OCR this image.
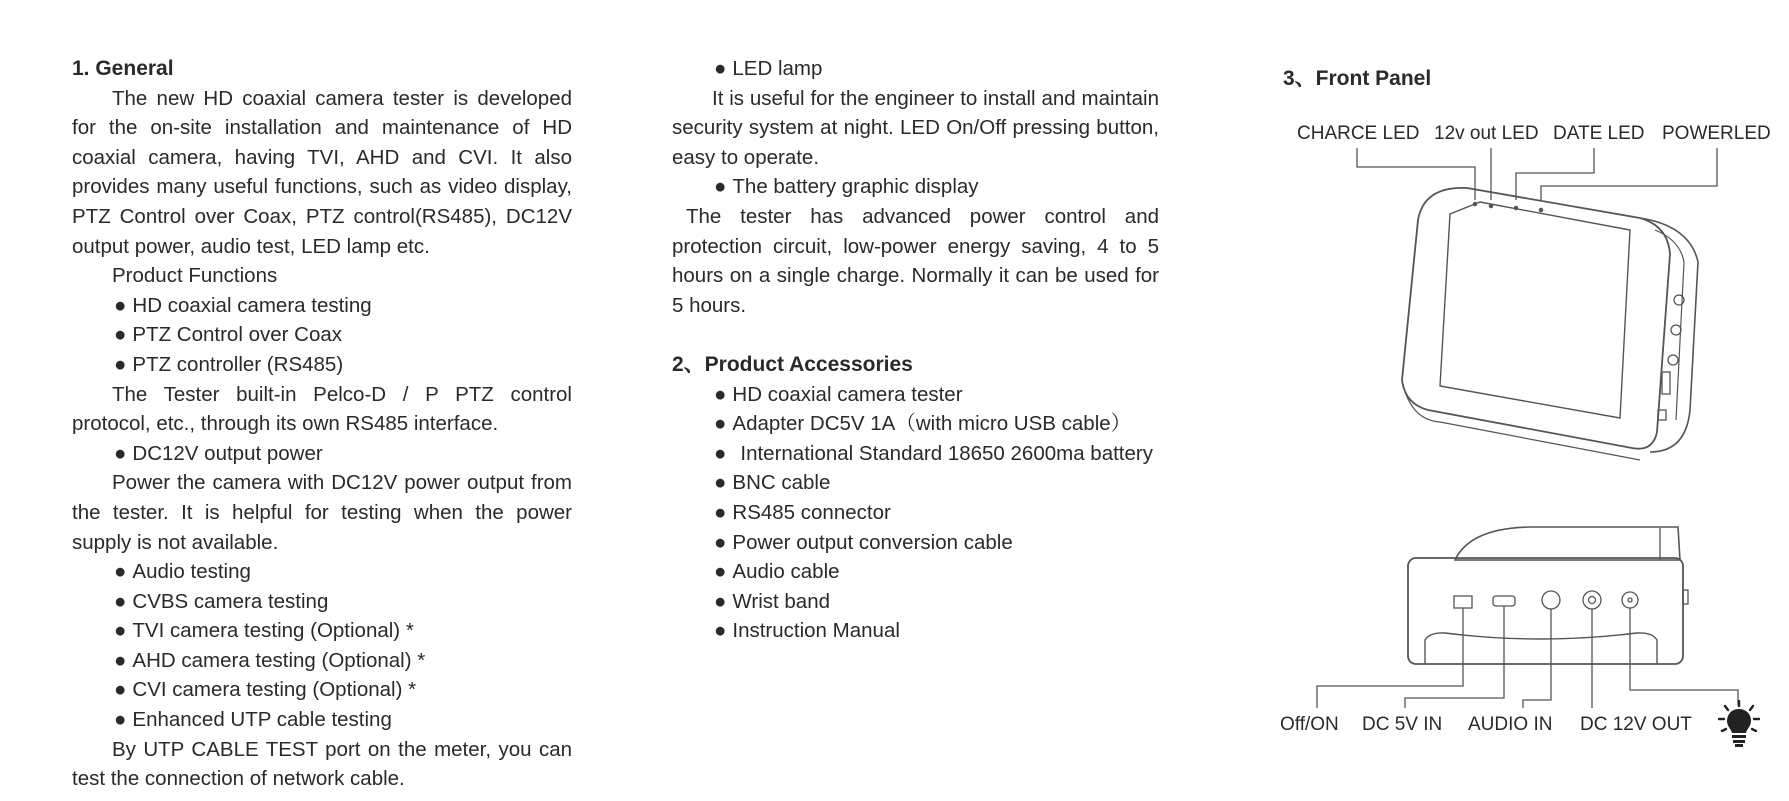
1. General

The new HD coaxial camera tester is developed for the on-site installation and maintenance of HD coaxial camera, having TVI, AHD and CVI. It also provides many useful functions, such as video display, PTZ Control over Coax, PTZ control(RS485), DC12V output power, audio test, LED lamp etc.

Product Functions

● HD coaxial camera testing

● PTZ Control over Coax

● PTZ controller (RS485)

The Tester built-in Pelco-D / P PTZ control protocol, etc., through its own RS485 interface.

● DC12V output power

Power the camera with DC12V power output from the tester. It is helpful for testing when the power supply is not available.

● Audio testing

● CVBS camera testing

● TVI camera testing (Optional) *

● AHD camera testing (Optional) *

● CVI camera testing (Optional) *

● Enhanced UTP cable testing

By UTP CABLE TEST port on the meter, you can test the connection of network cable.

● LED lamp

It is useful for the engineer to install and maintain security system at night. LED On/Off pressing button, easy to operate.

● The battery graphic display

The tester has advanced power control and protection circuit, low-power energy saving, 4 to 5 hours on a single charge. Normally it can be used for 5 hours.

2、Product Accessories

● HD coaxial camera tester

● Adapter DC5V 1A（with micro USB cable）

● International Standard 18650 2600ma battery

● BNC cable

● RS485 connector

● Power output conversion cable

● Audio cable

● Wrist band

● Instruction Manual

3、Front Panel

CHARCE LED 12v out LED DATE LED POWERLED
Off/ON DC 5V IN AUDIO IN DC 12V OUT
